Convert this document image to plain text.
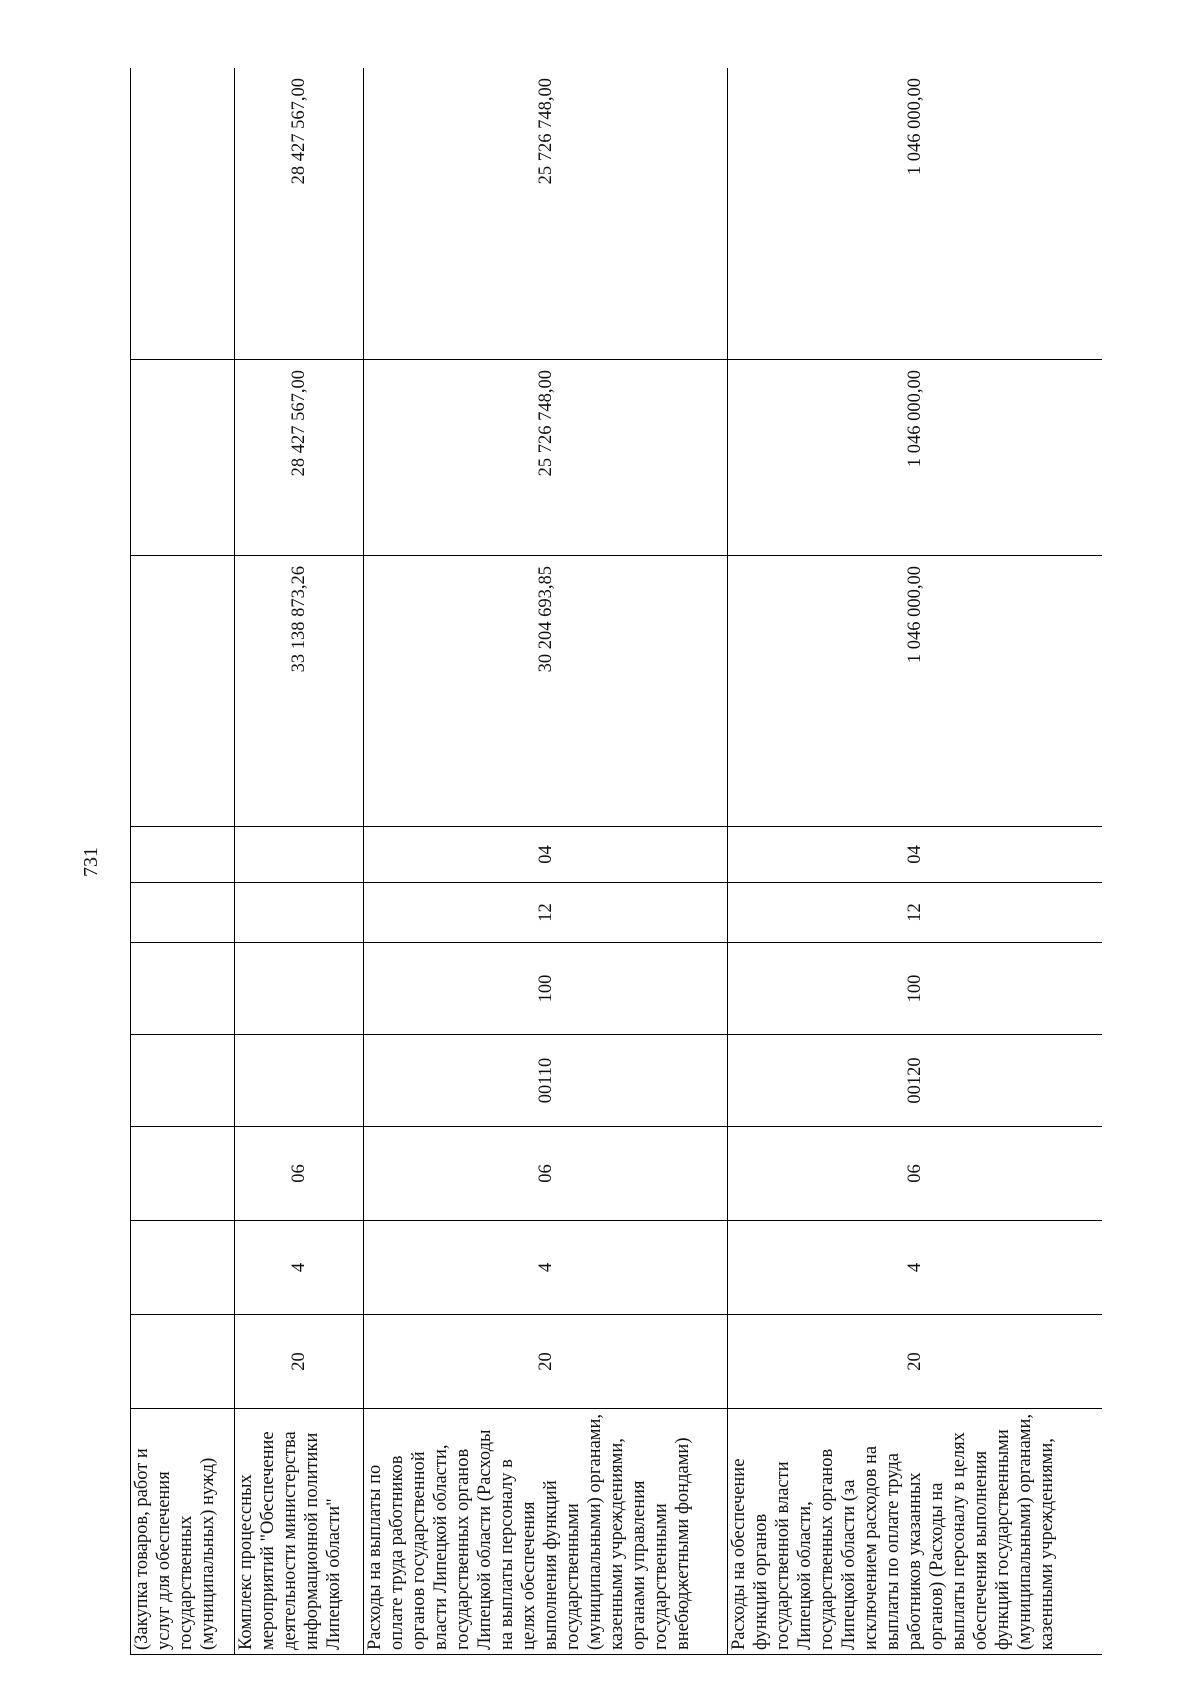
731
(Закупка товаров, работ и услуг для обеспечения государственных (муниципальных) нужд)										
Комплекс процессных мероприятий "Обеспечение деятельности министерства информационной политики Липецкой области"	20	4	06					33 138 873,26	28 427 567,00	28 427 567,00
Расходы на выплаты по оплате труда работников органов государственной власти Липецкой области, государственных органов Липецкой области (Расходы на выплаты персоналу в целях обеспечения выполнения функций государственными (муниципальными) органами, казенными учреждениями, органами управления государственными внебюджетными фондами)	20	4	06	00110	100	12	04	30 204 693,85	25 726 748,00	25 726 748,00
Расходы на обеспечение функций органов государственной власти Липецкой области, государственных органов Липецкой области (за исключением расходов на выплаты по оплате труда работников указанных органов) (Расходы на выплаты персоналу в целях обеспечения выполнения функций государственными (муниципальными) органами, казенными учреждениями,	20	4	06	00120	100	12	04	1 046 000,00	1 046 000,00	1 046 000,00
